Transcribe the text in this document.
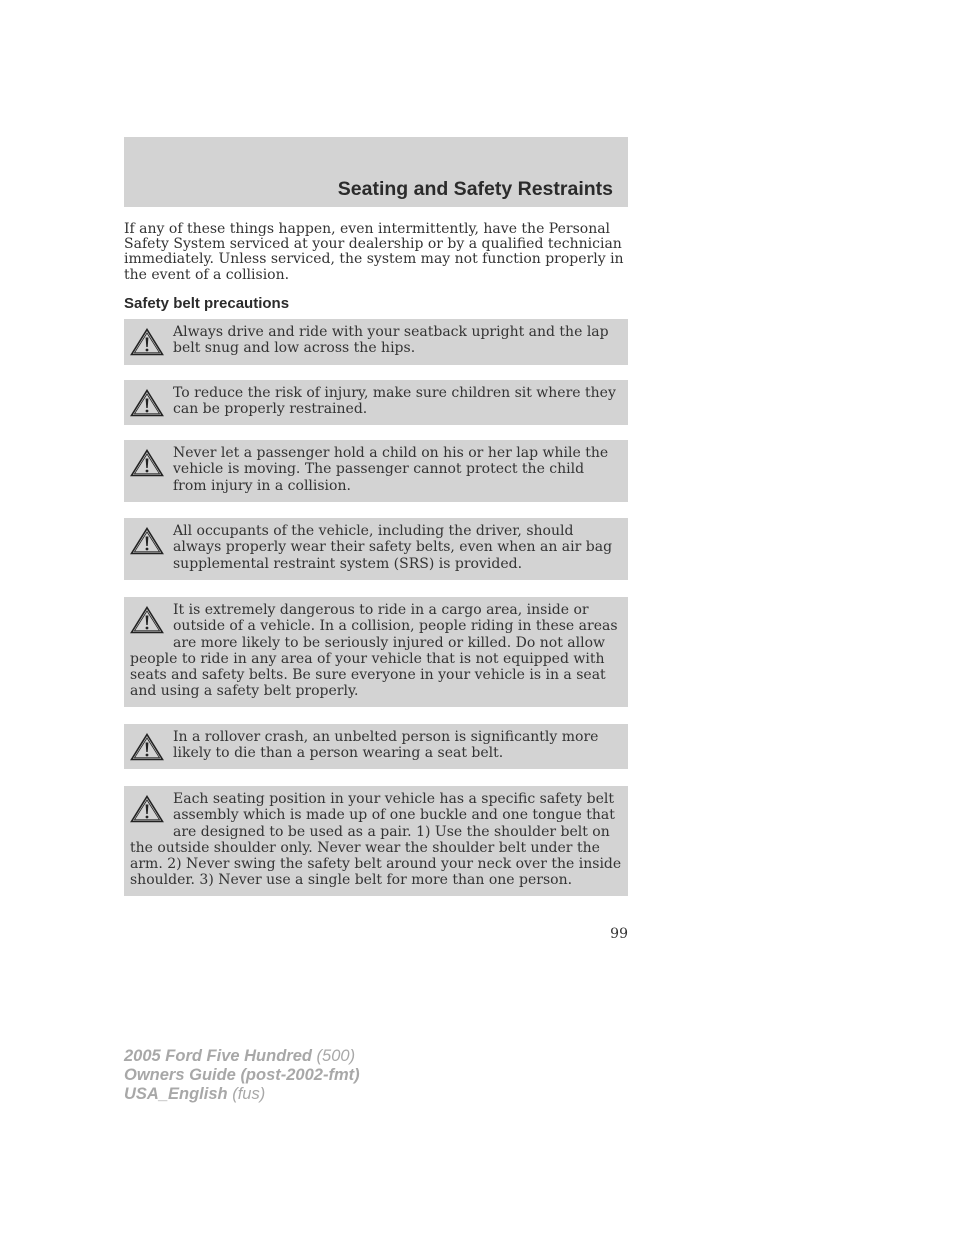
Seating and Safety Restraints

If any of these things happen, even intermittently, have the Personal Safety System serviced at your dealership or by a qualified technician immediately. Unless serviced, the system may not function properly in the event of a collision.

Safety belt precautions

Always drive and ride with your seatback upright and the lap belt snug and low across the hips.

To reduce the risk of injury, make sure children sit where they can be properly restrained.

Never let a passenger hold a child on his or her lap while the vehicle is moving. The passenger cannot protect the child from injury in a collision.

All occupants of the vehicle, including the driver, should always properly wear their safety belts, even when an air bag supplemental restraint system (SRS) is provided.

It is extremely dangerous to ride in a cargo area, inside or outside of a vehicle. In a collision, people riding in these areas are more likely to be seriously injured or killed. Do not allow people to ride in any area of your vehicle that is not equipped with seats and safety belts. Be sure everyone in your vehicle is in a seat and using a safety belt properly.

In a rollover crash, an unbelted person is significantly more likely to die than a person wearing a seat belt.

Each seating position in your vehicle has a specific safety belt assembly which is made up of one buckle and one tongue that are designed to be used as a pair. 1) Use the shoulder belt on the outside shoulder only. Never wear the shoulder belt under the arm. 2) Never swing the safety belt around your neck over the inside shoulder. 3) Never use a single belt for more than one person.

99

2005 Ford Five Hundred (500)
Owners Guide (post-2002-fmt)
USA_English (fus)
